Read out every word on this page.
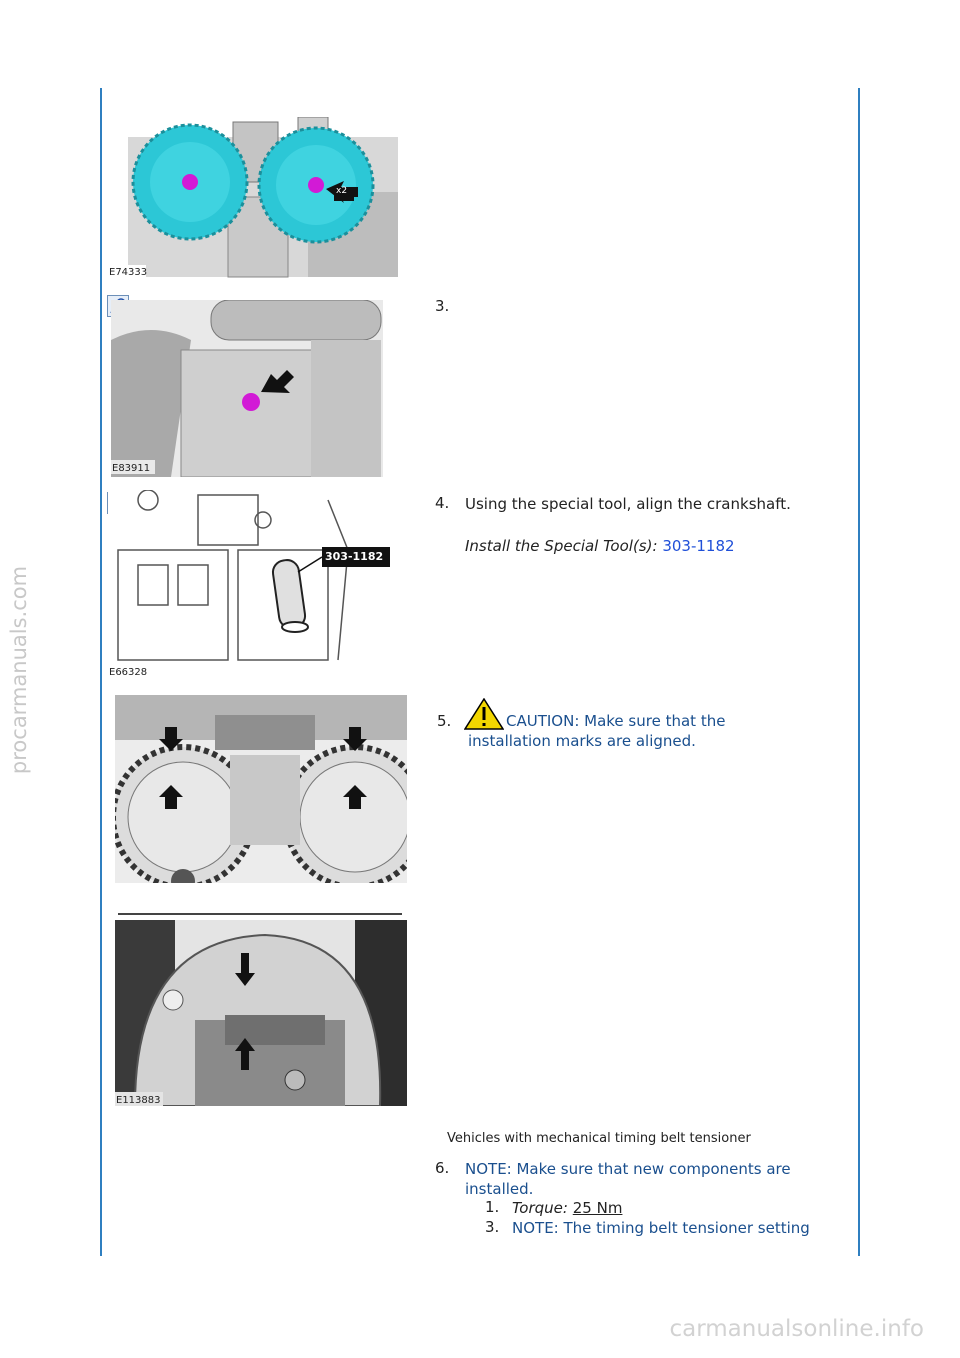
procarmanuals.com
E74333
x2
E83911
3.
303-1182
E66328
4. Using the special tool, align the crankshaft.
Install the Special Tool(s): 303-1182
5.	CAUTION: Make sure that the
installation marks are aligned.
E113883
Vehicles with mechanical timing belt tensioner
6. NOTE: Make sure that new components are
installed.
1. Torque: 25 Nm
3. NOTE: The timing belt tensioner setting
carmanualsonline.info
